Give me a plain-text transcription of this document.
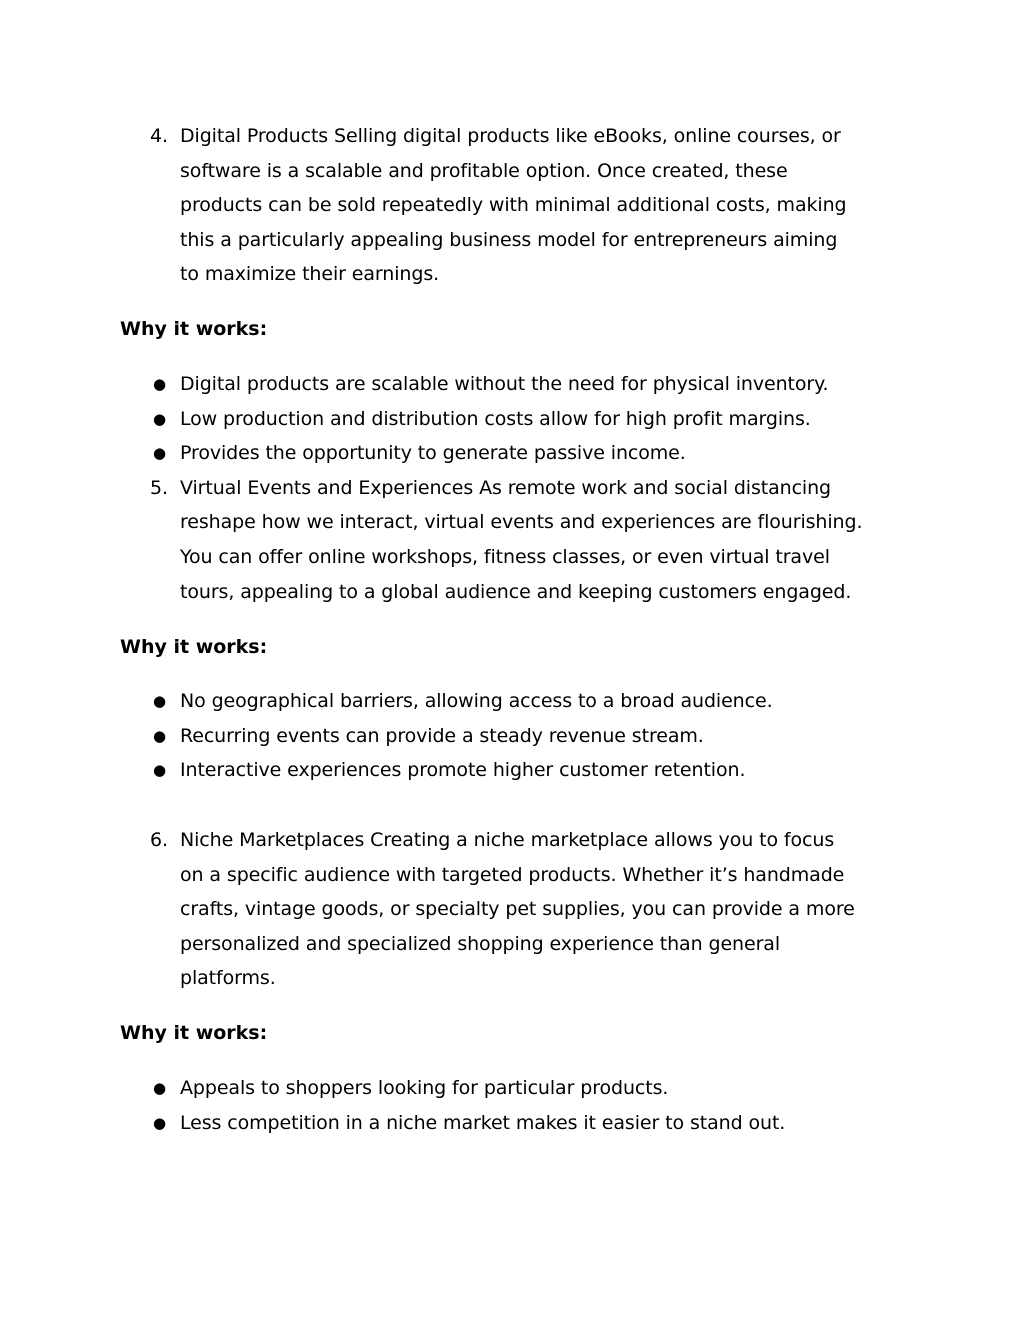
4. Digital Products Selling digital products like eBooks, online courses, or
software is a scalable and profitable option. Once created, these
products can be sold repeatedly with minimal additional costs, making
this a particularly appealing business model for entrepreneurs aiming
to maximize their earnings.
Why it works:
● Digital products are scalable without the need for physical inventory.
● Low production and distribution costs allow for high profit margins.
● Provides the opportunity to generate passive income.
5. Virtual Events and Experiences As remote work and social distancing
reshape how we interact, virtual events and experiences are flourishing.
You can offer online workshops, fitness classes, or even virtual travel
tours, appealing to a global audience and keeping customers engaged.
Why it works:
● No geographical barriers, allowing access to a broad audience.
● Recurring events can provide a steady revenue stream.
● Interactive experiences promote higher customer retention.
6. Niche Marketplaces Creating a niche marketplace allows you to focus
on a specific audience with targeted products. Whether it’s handmade
crafts, vintage goods, or specialty pet supplies, you can provide a more
personalized and specialized shopping experience than general
platforms.
Why it works:
● Appeals to shoppers looking for particular products.
● Less competition in a niche market makes it easier to stand out.
